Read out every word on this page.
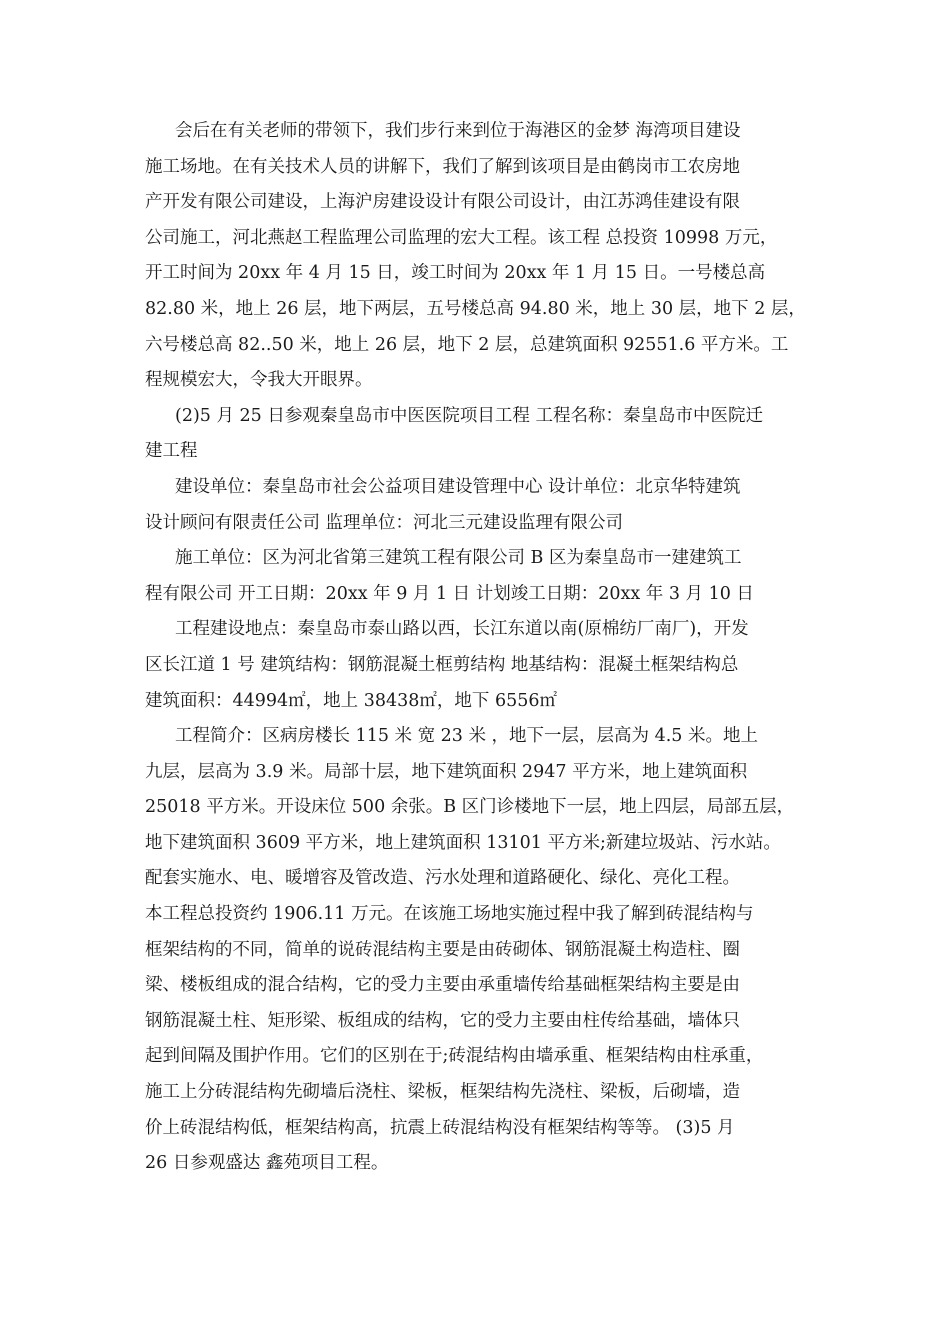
会后在有关老师的带领下，我们步行来到位于海港区的金梦 海湾项目建设
施工场地。在有关技术人员的讲解下，我们了解到该项目是由鹤岗市工农房地
产开发有限公司建设，上海沪房建设设计有限公司设计，由江苏鸿佳建设有限
公司施工，河北燕赵工程监理公司监理的宏大工程。该工程 总投资 10998 万元，
开工时间为 20xx 年 4 月 15 日，竣工时间为 20xx 年 1 月 15 日。一号楼总高
82.80 米，地上 26 层，地下两层，五号楼总高 94.80 米，地上 30 层，地下 2 层，
六号楼总高 82..50 米，地上 26 层，地下 2 层，总建筑面积 92551.6 平方米。工
程规模宏大，令我大开眼界。
(2)5 月 25 日参观秦皇岛市中医医院项目工程 工程名称：秦皇岛市中医院迁
建工程
建设单位：秦皇岛市社会公益项目建设管理中心 设计单位：北京华特建筑
设计顾问有限责任公司 监理单位：河北三元建设监理有限公司
施工单位：区为河北省第三建筑工程有限公司 B 区为秦皇岛市一建建筑工
程有限公司 开工日期：20xx 年 9 月 1 日 计划竣工日期：20xx 年 3 月 10 日
工程建设地点：秦皇岛市泰山路以西，长江东道以南(原棉纺厂南厂)，开发
区长江道 1 号 建筑结构：钢筋混凝土框剪结构 地基结构：混凝土框架结构总
建筑面积：44994㎡，地上 38438㎡，地下 6556㎡
工程简介：区病房楼长 115 米 宽 23 米 ，地下一层，层高为 4.5 米。地上
九层，层高为 3.9 米。局部十层，地下建筑面积 2947 平方米，地上建筑面积
25018 平方米。开设床位 500 余张。B 区门诊楼地下一层，地上四层，局部五层，
地下建筑面积 3609 平方米，地上建筑面积 13101 平方米;新建垃圾站、污水站。
配套实施水、电、暖增容及管改造、污水处理和道路硬化、绿化、亮化工程。
本工程总投资约 1906.11 万元。在该施工场地实施过程中我了解到砖混结构与
框架结构的不同，简单的说砖混结构主要是由砖砌体、钢筋混凝土构造柱、圈
梁、楼板组成的混合结构，它的受力主要由承重墙传给基础框架结构主要是由
钢筋混凝土柱、矩形梁、板组成的结构，它的受力主要由柱传给基础，墙体只
起到间隔及围护作用。它们的区别在于;砖混结构由墙承重、框架结构由柱承重，
施工上分砖混结构先砌墙后浇柱、梁板，框架结构先浇柱、梁板，后砌墙，造
价上砖混结构低，框架结构高，抗震上砖混结构没有框架结构等等。 (3)5 月
26 日参观盛达 鑫苑项目工程。
